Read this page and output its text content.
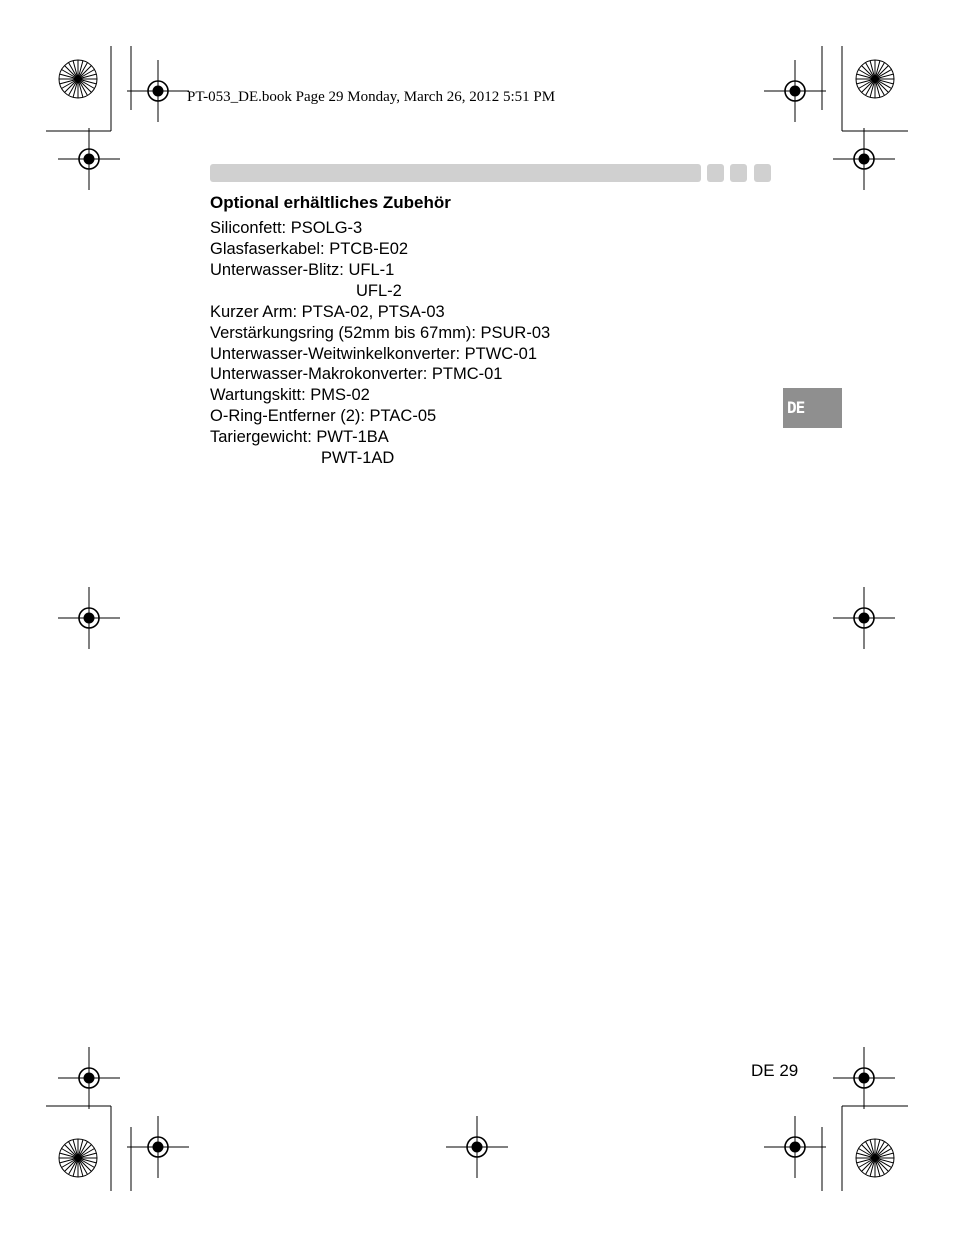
PT-053_DE.book Page 29 Monday, March 26, 2012 5:51 PM
Optional erhältliches Zubehör
Siliconfett: PSOLG-3
Glasfaserkabel: PTCB-E02
Unterwasser-Blitz: UFL-1
UFL-2
Kurzer Arm: PTSA-02, PTSA-03
Verstärkungsring (52mm bis 67mm): PSUR-03
Unterwasser-Weitwinkelkonverter: PTWC-01
Unterwasser-Makrokonverter: PTMC-01
Wartungskitt: PMS-02
O-Ring-Entferner (2): PTAC-05
Tariergewicht: PWT-1BA
PWT-1AD
DE
DE 29
